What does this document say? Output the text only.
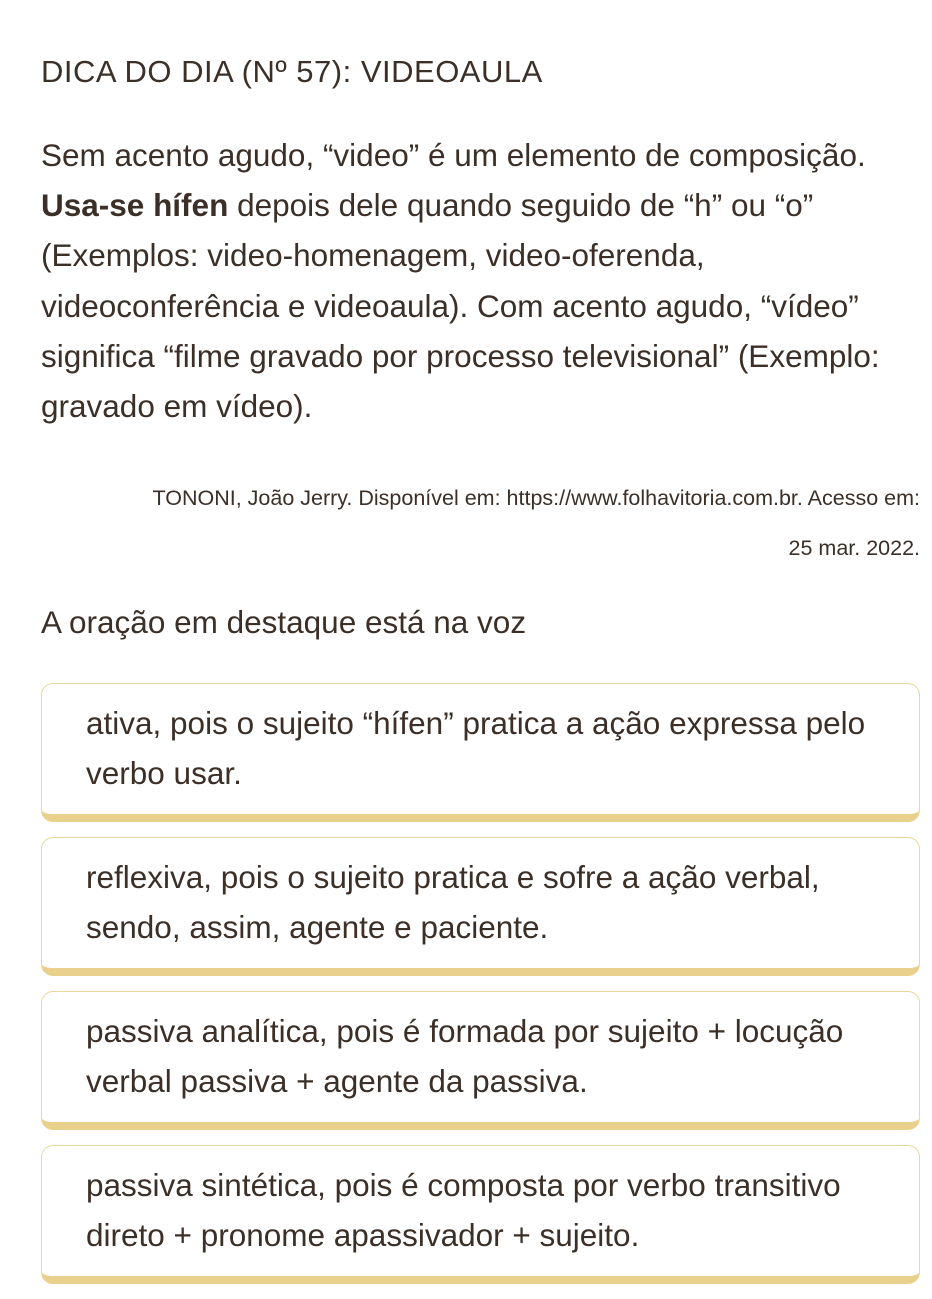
DICA DO DIA (Nº 57): VIDEOAULA

Sem acento agudo, “video” é um elemento de composição. Usa-se hífen depois dele quando seguido de “h” ou “o” (Exemplos: video-homenagem, video-oferenda, videoconferência e videoaula). Com acento agudo, “vídeo” significa “filme gravado por processo televisional” (Exemplo: gravado em vídeo).

TONONI, João Jerry. Disponível em: https://www.folhavitoria.com.br. Acesso em:
25 mar. 2022.

A oração em destaque está na voz

ativa, pois o sujeito “hífen” pratica a ação expressa pelo verbo usar.
reflexiva, pois o sujeito pratica e sofre a ação verbal, sendo, assim, agente e paciente.
passiva analítica, pois é formada por sujeito + locução verbal passiva + agente da passiva.
passiva sintética, pois é composta por verbo transitivo direto + pronome apassivador + sujeito.
